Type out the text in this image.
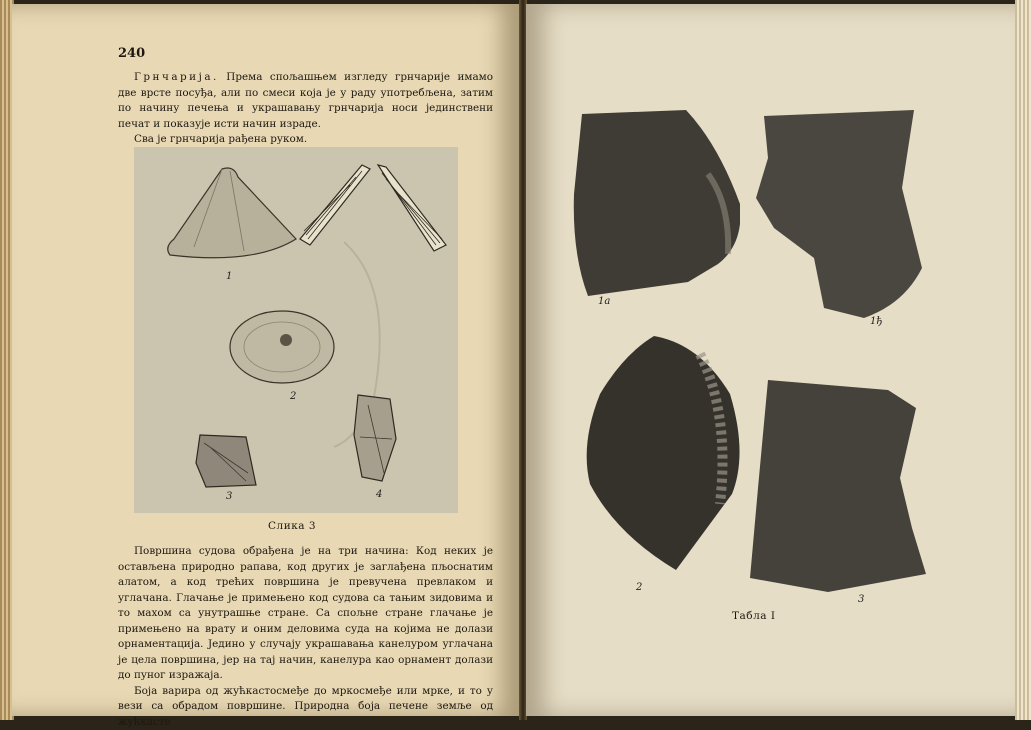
240

Грнчарија. Према спољашњем изгледу грнчарије имамо две врсте посуђа, али по смеси која је у раду употребљена, затим по начину печења и украшавању грнчарија носи јединствени печат и показује исти начин израде.

Сва је грнчарија рађена руком.

1
2
3	4
Слика 3

Површина судова обрађена је на три начина: Код неких је остављена природно рапава, код других је заглађена пљоснатим алатом, а код трећих површина је превучена превлаком и углачана. Глачање је примењено код судова са тањим зидовима и то махом са унутрашње стране. Са спољне стране глачање је примењено на врату и оним деловима суда на којима не долази орнаментација. Једино у случају украшавања канелуром углачана је цела површина, јер на тај начин, канелура као орнамент долази до пуног изражаја.

Боја варира од жућкастосмеђе до мркосмеђе или мрке, и то у вези са обрадом површине. Природна боја печене земље од жућкасте

1а
1ђ
2
3
Табла I
